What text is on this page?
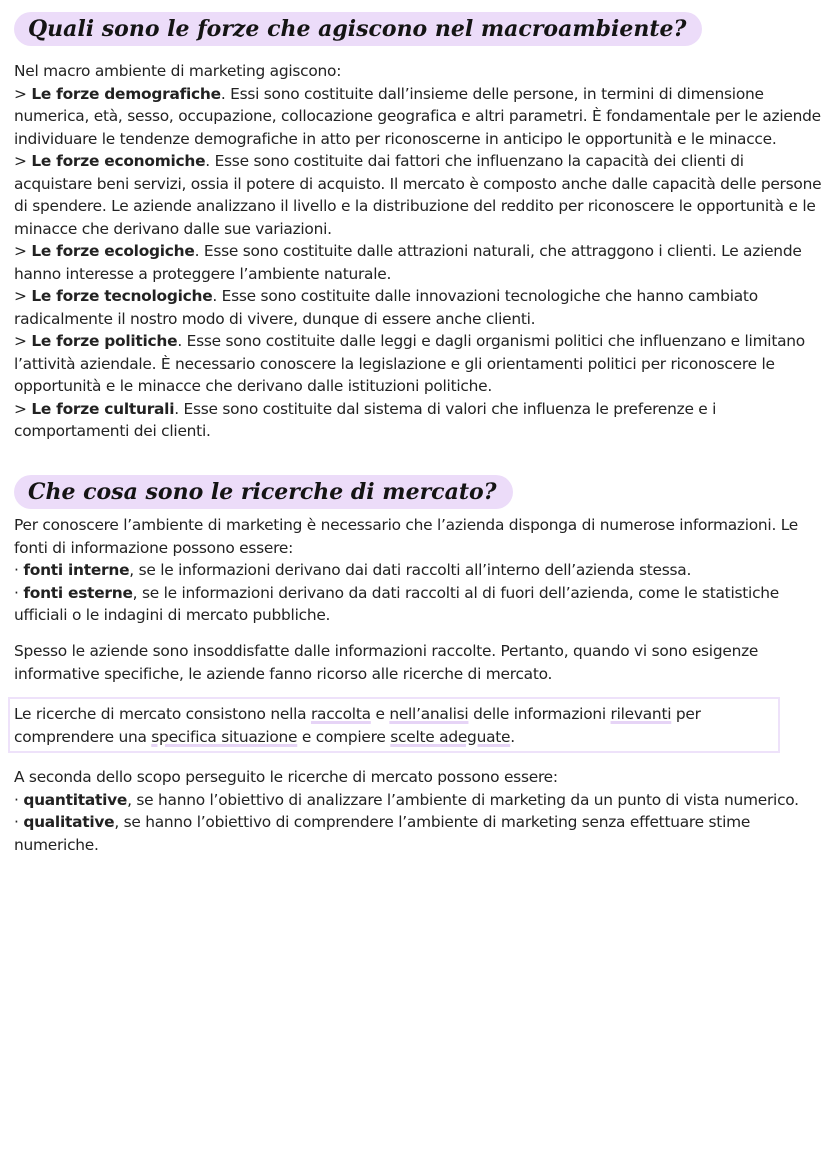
Quali sono le forze che agiscono nel macroambiente?

Nel macro ambiente di marketing agiscono:

> Le forze demografiche. Essi sono costituite dall’insieme delle persone, in termini di dimensione numerica, età, sesso, occupazione, collocazione geografica e altri parametri. È fondamentale per le aziende individuare le tendenze demografiche in atto per riconoscerne in anticipo le opportunità e le minacce.

> Le forze economiche. Esse sono costituite dai fattori che influenzano la capacità dei clienti di acquistare beni servizi, ossia il potere di acquisto. Il mercato è composto anche dalle capacità delle persone di spendere. Le aziende analizzano il livello e la distribuzione del reddito per riconoscere le opportunità e le minacce che derivano dalle sue variazioni.

> Le forze ecologiche. Esse sono costituite dalle attrazioni naturali, che attraggono i clienti. Le aziende hanno interesse a proteggere l’ambiente naturale.

> Le forze tecnologiche. Esse sono costituite dalle innovazioni tecnologiche che hanno cambiato radicalmente il nostro modo di vivere, dunque di essere anche clienti.

> Le forze politiche. Esse sono costituite dalle leggi e dagli organismi politici che influenzano e limitano l’attività aziendale. È necessario conoscere la legislazione e gli orientamenti politici per riconoscere le opportunità e le minacce che derivano dalle istituzioni politiche.

> Le forze culturali. Esse sono costituite dal sistema di valori che influenza le preferenze e i comportamenti dei clienti.

Che cosa sono le ricerche di mercato?

Per conoscere l’ambiente di marketing è necessario che l’azienda disponga di numerose informazioni. Le fonti di informazione possono essere:

· fonti interne, se le informazioni derivano dai dati raccolti all’interno dell’azienda stessa.

· fonti esterne, se le informazioni derivano da dati raccolti al di fuori dell’azienda, come le statistiche ufficiali o le indagini di mercato pubbliche.

Spesso le aziende sono insoddisfatte dalle informazioni raccolte. Pertanto, quando vi sono esigenze informative specifiche, le aziende fanno ricorso alle ricerche di mercato.

Le ricerche di mercato consistono nella raccolta e nell’analisi delle informazioni rilevanti per comprendere una specifica situazione e compiere scelte adeguate.

A seconda dello scopo perseguito le ricerche di mercato possono essere:

· quantitative, se hanno l’obiettivo di analizzare l’ambiente di marketing da un punto di vista numerico.

· qualitative, se hanno l’obiettivo di comprendere l’ambiente di marketing senza effettuare stime numeriche.
